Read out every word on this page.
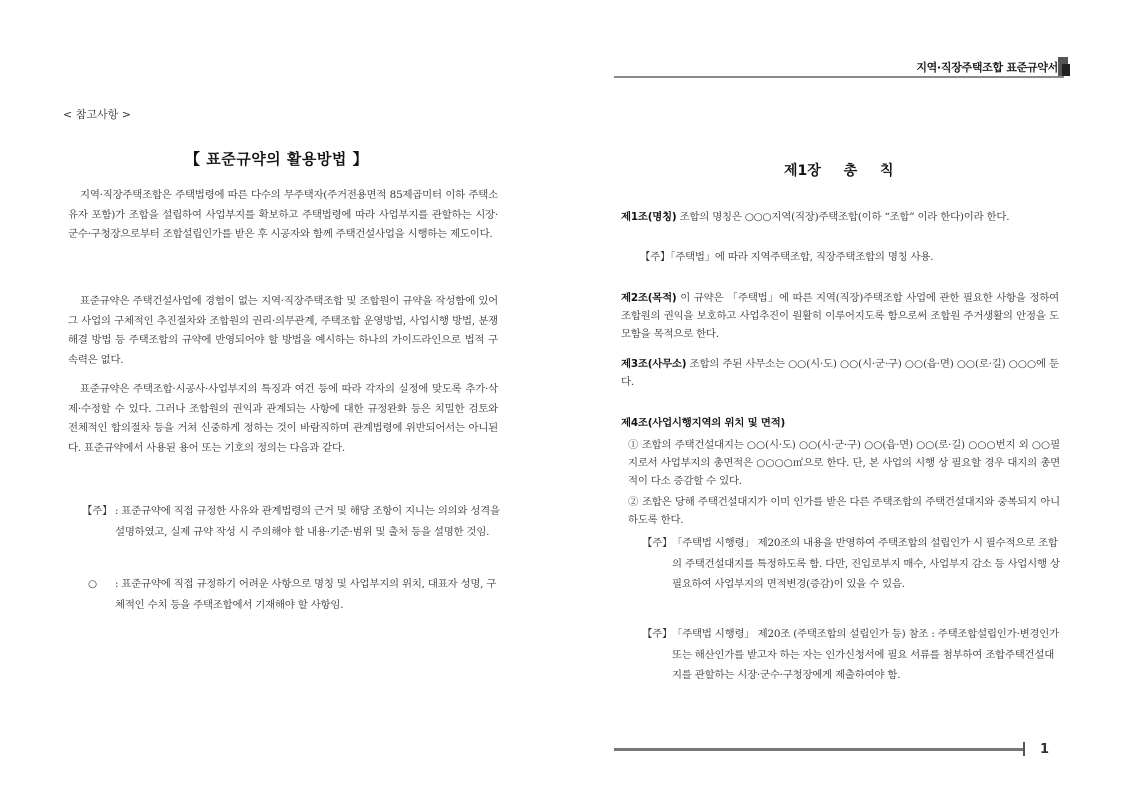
지역·직장주택조합 표준규약서
< 참고사항 >
【 표준규약의 활용방법 】
지역·직장주택조합은 주택법령에 따른 다수의 무주택자(주거전용면적 85제곱미터 이하 주택소유자 포함)가 조합을 설립하여 사업부지를 확보하고 주택법령에 따라 사업부지를 관할하는 시장·군수·구청장으로부터 조합설립인가를 받은 후 시공자와 함께 주택건설사업을 시행하는 제도이다.
표준규약은 주택건설사업에 경험이 없는 지역·직장주택조합 및 조합원이 규약을 작성함에 있어 그 사업의 구체적인 추진절차와 조합원의 권리·의무관계, 주택조합 운영방법, 사업시행 방법, 분쟁해결 방법 등 주택조합의 규약에 반영되어야 할 방법을 예시하는 하나의 가이드라인으로 법적 구속력은 없다.
표준규약은 주택조합·시공사·사업부지의 특징과 여건 등에 따라 각자의 실정에 맞도록 추가·삭제·수정할 수 있다. 그러나 조합원의 권익과 관계되는 사항에 대한 규정완화 등은 치밀한 검토와 전체적인 합의절차 등을 거쳐 신중하게 정하는 것이 바람직하며 관계법령에 위반되어서는 아니된다. 표준규약에서 사용된 용어 또는 기호의 정의는 다음과 같다.
【주】 : 표준규약에 직접 규정한 사유와 관계법령의 근거 및 해당 조항이 지니는 의의와 성격을 설명하였고, 실제 규약 작성 시 주의해야 할 내용·기준·범위 및 출처 등을 설명한 것임.
○ : 표준규약에 직접 규정하기 어려운 사항으로 명칭 및 사업부지의 위치, 대표자 성명, 구체적인 수치 등을 주택조합에서 기재해야 할 사항임.
제1장 총 칙
제1조(명칭) 조합의 명칭은 ○○○지역(직장)주택조합(이하 “조합” 이라 한다)이라 한다.
【주】「주택법」에 따라 지역주택조합, 직장주택조합의 명칭 사용.
제2조(목적) 이 규약은 「주택법」에 따른 지역(직장)주택조합 사업에 관한 필요한 사항을 정하여 조합원의 권익을 보호하고 사업추진이 원활히 이루어지도록 함으로써 조합원 주거생활의 안정을 도모함을 목적으로 한다.
제3조(사무소) 조합의 주된 사무소는 ○○(시·도) ○○(시·군·구) ○○(읍·면) ○○(로·길) ○○○에 둔다.
제4조(사업시행지역의 위치 및 면적)
① 조합의 주택건설대지는 ○○(시·도) ○○(시·군·구) ○○(읍·면) ○○(로·길) ○○○번지 외 ○○필지로서 사업부지의 총면적은 ○○○○㎡으로 한다. 단, 본 사업의 시행 상 필요할 경우 대지의 총면적이 다소 증감할 수 있다.
② 조합은 당해 주택건설대지가 이미 인가를 받은 다른 주택조합의 주택건설대지와 중복되지 아니하도록 한다.
【주】 「주택법 시행령」 제20조의 내용을 반영하여 주택조합의 설립인가 시 필수적으로 조합의 주택건설대지를 특정하도록 함. 다만, 진입로부지 매수, 사업부지 감소 등 사업시행 상 필요하여 사업부지의 면적변경(증감)이 있을 수 있음.
【주】 「주택법 시행령」 제20조 (주택조합의 설립인가 등) 참조 : 주택조합설립인가·변경인가 또는 해산인가를 받고자 하는 자는 인가신청서에 필요 서류를 첨부하여 조합주택건설대지를 관할하는 시장·군수·구청장에게 제출하여야 함.
1
